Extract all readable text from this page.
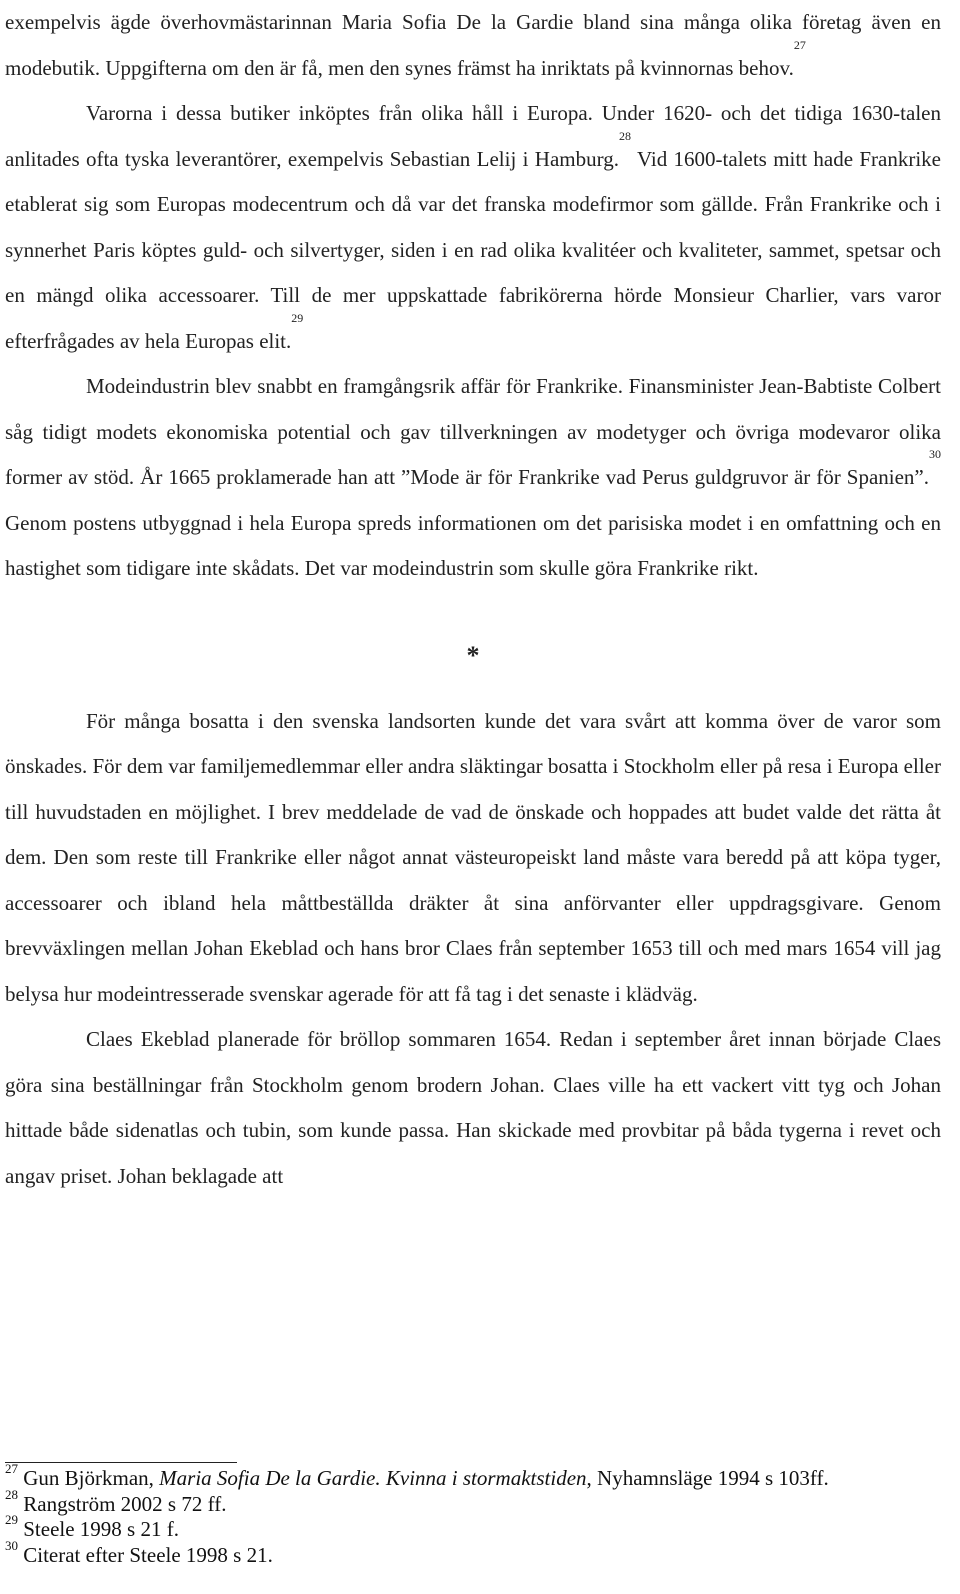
exempelvis ägde överhovmästarinnan Maria Sofia De la Gardie bland sina många olika företag även en modebutik. Uppgifterna om den är få, men den synes främst ha inriktats på kvinnornas behov.$^{27}$

Varorna i dessa butiker inköptes från olika håll i Europa. Under 1620- och det tidiga 1630-talen anlitades ofta tyska leverantörer, exempelvis Sebastian Lelij i Hamburg.$^{28}$ Vid 1600-talets mitt hade Frankrike etablerat sig som Europas modecentrum och då var det franska modefirmor som gällde. Från Frankrike och i synnerhet Paris köptes guld- och silvertyger, siden i en rad olika kvalitéer och kvaliteter, sammet, spetsar och en mängd olika accessoarer. Till de mer uppskattade fabrikörerna hörde Monsieur Charlier, vars varor efterfrågades av hela Europas elit.$^{29}$

Modeindustrin blev snabbt en framgångsrik affär för Frankrike. Finansminister Jean-Babtiste Colbert såg tidigt modets ekonomiska potential och gav tillverkningen av modetyger och övriga modevaror olika former av stöd. År 1665 proklamerade han att ”Mode är för Frankrike vad Perus guldgruvor är för Spanien”.$^{30}$ Genom postens utbyggnad i hela Europa spreds informationen om det parisiska modet i en omfattning och en hastighet som tidigare inte skådats. Det var modeindustrin som skulle göra Frankrike rikt.

*

För många bosatta i den svenska landsorten kunde det vara svårt att komma över de varor som önskades. För dem var familjemedlemmar eller andra släktingar bosatta i Stockholm eller på resa i Europa eller till huvudstaden en möjlighet. I brev meddelade de vad de önskade och hoppades att budet valde det rätta åt dem. Den som reste till Frankrike eller något annat västeuropeiskt land måste vara beredd på att köpa tyger, accessoarer och ibland hela måttbeställda dräkter åt sina anförvanter eller uppdragsgivare. Genom brevväxlingen mellan Johan Ekeblad och hans bror Claes från september 1653 till och med mars 1654 vill jag belysa hur modeintresserade svenskar agerade för att få tag i det senaste i klädväg.

Claes Ekeblad planerade för bröllop sommaren 1654. Redan i september året innan började Claes göra sina beställningar från Stockholm genom brodern Johan. Claes ville ha ett vackert vitt tyg och Johan hittade både sidenatlas och tubin, som kunde passa. Han skickade med provbitar på båda tygerna i revet och angav priset. Johan beklagade att

$^{27}$ Gun Björkman, Maria Sofia De la Gardie. Kvinna i stormaktstiden, Nyhamnsläge 1994 s 103ff.

$^{28}$ Rangström 2002 s 72 ff.

$^{29}$ Steele 1998 s 21 f.

$^{30}$ Citerat efter Steele 1998 s 21.
